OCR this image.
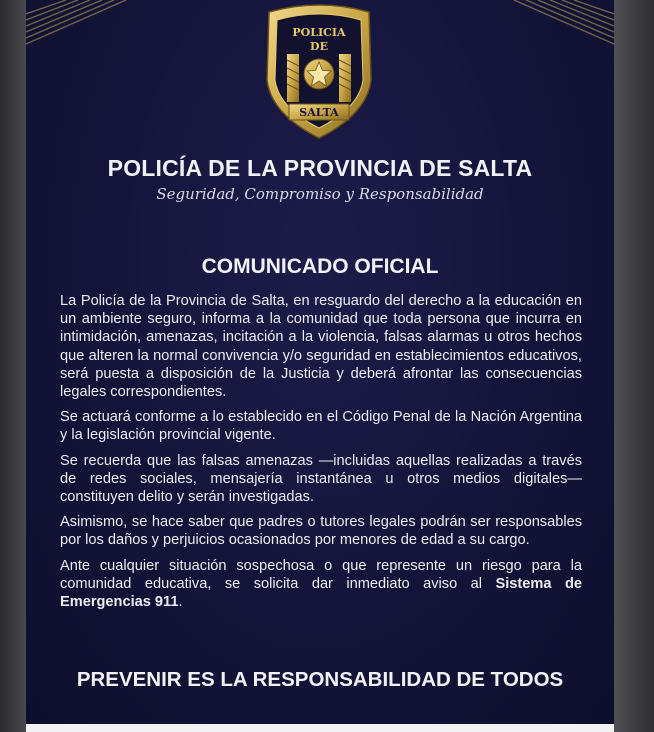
POLICIA
DE
SALTA
POLICÍA DE LA PROVINCIA DE SALTA
Seguridad, Compromiso y Responsabilidad
COMUNICADO OFICIAL

La Policía de la Provincia de Salta, en resguardo del derecho a la educación en un ambiente seguro, informa a la comunidad que toda persona que incurra en intimidación, amenazas, incitación a la violencia, falsas alarmas u otros hechos que alteren la normal convivencia y/o seguridad en establecimientos educativos, será puesta a disposición de la Justicia y deberá afrontar las consecuencias legales correspondientes.

Se actuará conforme a lo establecido en el Código Penal de la Nación Argentina y la legislación provincial vigente.

Se recuerda que las falsas amenazas —incluidas aquellas realizadas a través de redes sociales, mensajería instantánea u otros medios digitales— constituyen delito y serán investigadas.

Asimismo, se hace saber que padres o tutores legales podrán ser responsables por los daños y perjuicios ocasionados por menores de edad a su cargo.

Ante cualquier situación sospechosa o que represente un riesgo para la comunidad educativa, se solicita dar inmediato aviso al Sistema de Emergencias 911.

PREVENIR ES LA RESPONSABILIDAD DE TODOS
